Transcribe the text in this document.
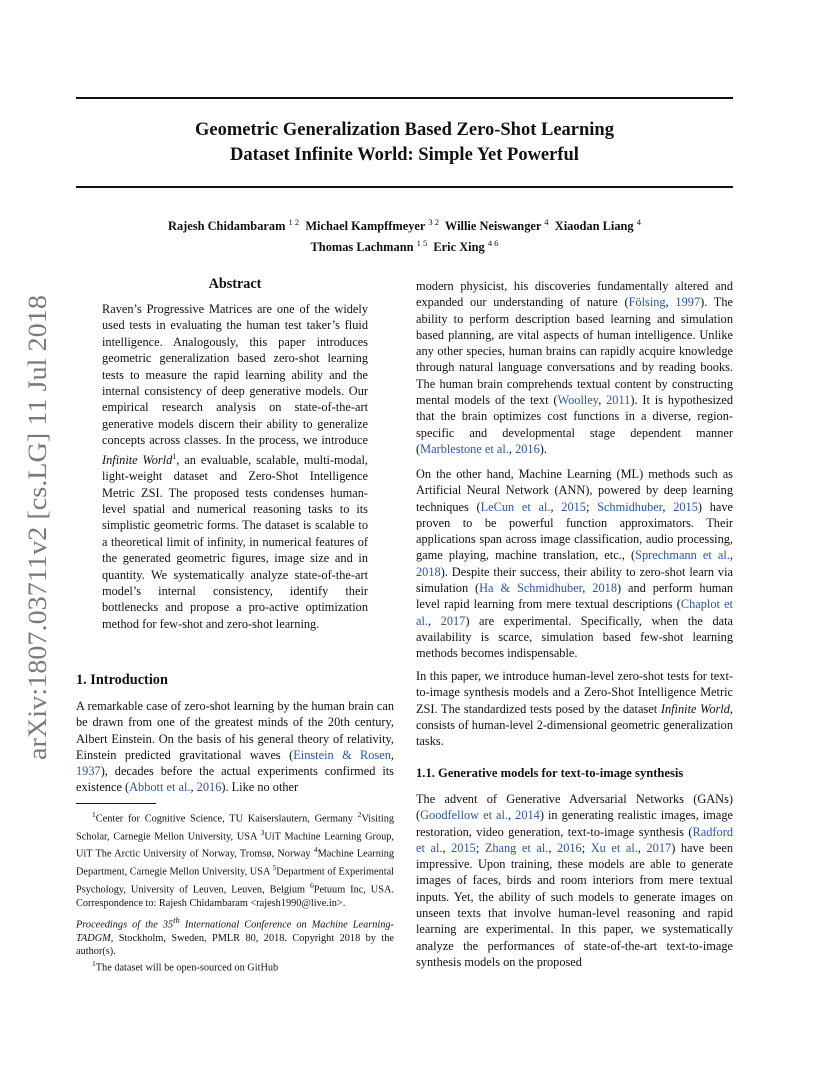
arXiv:1807.03711v2 [cs.LG] 11 Jul 2018
Geometric Generalization Based Zero-Shot Learning
Dataset Infinite World: Simple Yet Powerful
Rajesh Chidambaram $^{1 2}$ Michael Kampffmeyer $^{3 2}$ Willie Neiswanger $^4$ Xiaodan Liang $^4$
Thomas Lachmann $^{1 5}$ Eric Xing $^{4 6}$
Abstract
Raven’s Progressive Matrices are one of the widely used tests in evaluating the human test taker’s fluid intelligence. Analogously, this paper introduces geometric generalization based zero-shot learning tests to measure the rapid learning ability and the internal consistency of deep generative models. Our empirical research analysis on state-of-the-art generative models discern their ability to generalize concepts across classes. In the process, we introduce Infinite World$^1$, an evaluable, scalable, multi-modal, light-weight dataset and Zero-Shot Intelligence Metric ZSI. The proposed tests condenses human-level spatial and numerical reasoning tasks to its simplistic geometric forms. The dataset is scalable to a theoretical limit of infinity, in numerical features of the generated geometric figures, image size and in quantity. We systematically analyze state-of-the-art model’s internal consistency, identify their bottlenecks and propose a pro-active optimization method for few-shot and zero-shot learning.
1. Introduction
A remarkable case of zero-shot learning by the human brain can be drawn from one of the greatest minds of the 20th century, Albert Einstein. On the basis of his general theory of relativity, Einstein predicted gravitational waves (Einstein & Rosen, 1937), decades before the actual experiments confirmed its existence (Abbott et al., 2016). Like no other
$^1$Center for Cognitive Science, TU Kaiserslautern, Germany $^2$Visiting Scholar, Carnegie Mellon University, USA $^3$UiT Machine Learning Group, UiT The Arctic University of Norway, Tromsø, Norway $^4$Machine Learning Department, Carnegie Mellon University, USA $^5$Department of Experimental Psychology, University of Leuven, Leuven, Belgium $^6$Petuum Inc, USA. Correspondence to: Rajesh Chidambaram <rajesh1990@live.in>.
Proceedings of the 35th International Conference on Machine Learning-TADGM, Stockholm, Sweden, PMLR 80, 2018. Copyright 2018 by the author(s).
$^1$The dataset will be open-sourced on GitHub

modern physicist, his discoveries fundamentally altered and expanded our understanding of nature (Fölsing, 1997). The ability to perform description based learning and simulation based planning, are vital aspects of human intelligence. Unlike any other species, human brains can rapidly acquire knowledge through natural language conversations and by reading books. The human brain comprehends textual content by constructing mental models of the text (Woolley, 2011). It is hypothesized that the brain optimizes cost functions in a diverse, region-specific and developmental stage dependent manner (Marblestone et al., 2016).

On the other hand, Machine Learning (ML) methods such as Artificial Neural Network (ANN), powered by deep learning techniques (LeCun et al., 2015; Schmidhuber, 2015) have proven to be powerful function approximators. Their applications span across image classification, audio processing, game playing, machine translation, etc., (Sprechmann et al., 2018). Despite their success, their ability to zero-shot learn via simulation (Ha & Schmidhuber, 2018) and perform human level rapid learning from mere textual descriptions (Chaplot et al., 2017) are experimental. Specifically, when the data availability is scarce, simulation based few-shot learning methods becomes indispensable.

In this paper, we introduce human-level zero-shot tests for text-to-image synthesis models and a Zero-Shot Intelligence Metric ZSI. The standardized tests posed by the dataset Infinite World, consists of human-level 2-dimensional geometric generalization tasks.

1.1. Generative models for text-to-image synthesis

The advent of Generative Adversarial Networks (GANs) (Goodfellow et al., 2014) in generating realistic images, image restoration, video generation, text-to-image synthesis (Radford et al., 2015; Zhang et al., 2016; Xu et al., 2017) have been impressive. Upon training, these models are able to generate images of faces, birds and room interiors from mere textual inputs. Yet, the ability of such models to generate images on unseen texts that involve human-level reasoning and rapid learning are experimental. In this paper, we systematically analyze the performances of state-of-the-art text-to-image synthesis models on the proposed
